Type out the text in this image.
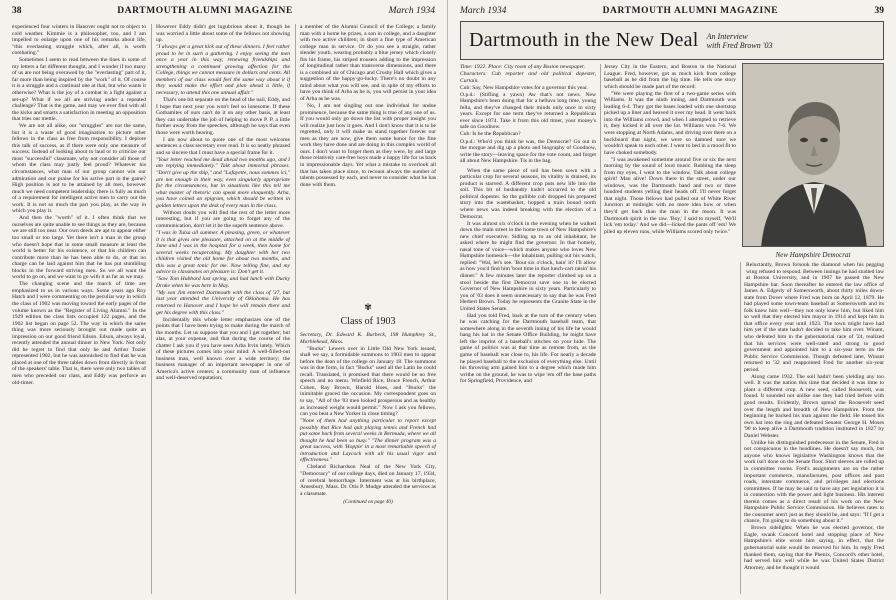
38	DARTMOUTH ALUMNI MAGAZINE	March 1934

experienced four winters in Hanover ought not to object to cold weather. Kimmie is a philosopher, too, and I am impelled to enlarge upon one of his remarks about life, "this everlasting struggle which, after all, is worth combating."

Sometimes I seem to read between the lines in some of my letters a far different thought, and I wonder if too many of us are not being overawed by the "everlasting" part of it, far more than being inspired by the "work" of it. Of course it is a struggle and a continual one at that, but who wants it otherwise? What is the joy of a combat in a fight against a set-up? What if we all are striving under a repeated challenge? That is the game, and may we ever find with all the kicks and smarts a satisfaction in meeting an opposition that tries our mettle.

We are not all alike, our "struggles" are not the same, but it is a waste of good imagination to picture other fellows in the class as free from responsibility. I deplore this talk of success, as if there were only one measure of success. Instead of looking about to laud or to criticize our most "successful" classmate, why not consider all those of whom the class may justly feel proud? Whatever his circumstances, what man of our group cannot win our admiration and our praise for his active part in the game? High position is not to be attained by all men, however much we need competent leadership; there is fully as much of a requirement for intelligent active men to carry out the work. It is not so much the part you play, as the way in which you play it.

And then the "worth" of it. I often think that we ourselves are quite unable to see things as they are, because we are still too near. Our own deeds are apt to appear either too small or too large. Yet there isn't a man in the group who doesn't hope that in some small measure at least the world is better for his existence, or that his children can contribute more than he has been able to do, or that no charge can be laid against him that he has put stumbling blocks in the forward striving men. So we all want the world to go on, and we want to go with it as far as we may.

The changing scene and the march of time are emphasized to us in various ways. Some years ago Roy Hatch and I were commenting on the peculiar way in which the class of 1902 was moving toward the early pages of the volume known as the "Register of Living Alumni." In the 1929 edition the class lists occupied 122 pages, and the 1902 list began on page 52. The way in which the same thing was more seriously brought out made quite an impression on our good friend Edson. Edson, always loyal, recently attended the annual dinner in New York. Not only did he regret to find that only he and Arthur Tozier represented 1902, but he was astonished to find that he was placed at one of the three tables down front directly in front of the speakers' table. That is, there were only two tables of men who preceded our class, and Eddy was perforce an old-timer.

However Eddy didn't get lugubrious about it, though he was worried a little about some of the fellows not showing up.

"I always get a great kick out of these dinners. I feel rather proud to be in such a gathering. I enjoy seeing the men once a year in this way, renewing friendships and strengthening a continued growing affection for the College, things we cannot measure in dollars and cents. All members of our class would feel the same way about it if they would make the effort and plan ahead a little, if necessary, to attend this one annual affair."

That's one bit separate on the head of the nail, Eddy, and I hope that next year you won't feel so lonesome. If these Gothamites of ours can't do it on any other basis, at least they can undertake the job of helping to move P. P. a little further away from the speeches, although he says that even those were worth hearing.

I am now about to quote one of the most welcome sentences a class secretary ever read. It is so neatly phrased and so sincere that I must have a special frame for it.

"Your letter reached me dead ahead two months ago, and I am replying immediately." Talk about immortal phrases. "Don't give up the ship," and "Lafayette, nous sommes ici," are not enough in their way, even singularly appropriate for the circumstances, but in situations like this tell me what master of rhetoric can speak more eloquently. Arba, you have coined an epigram, which should be written in golden letters upon the desk of every man in the class.

Without doubt you will find the rest of the letter more interesting, but if you are going to forget any of the communication, don't let it be the superb sentence above.

"I was in Tulsa all summer. A pleasing, green, or whatever it is that gives one pleasure, attached on at the middle of June and I was in the hospital for a week, then home for several weeks recuperating. My daughter with her two children visited the old home for about two months, and this was a great tonic for me. Now telling fine, and my advice to classmates on pleasure is: Don't get it.

"Saw Tom Hubbard last spring, and had lunch with Ducky Drake when he was here in May.

"My son Jim entered Dartmouth with the class of '37, but last year attended the University of Oklahoma. He has returned to Hanover and I hope he will remain there and get his degree with this class."

Incidentally this whole letter emphasizes one of the points that I have been trying to make during the march of the months. Let us suppose that you and I get together; but alas, at your expense, and that during the course of the chatter I ask you if you have seen Arba Irvin lately. Which of these pictures comes into your mind: A well-filled-out business man, well known over a wide territory; the business manager of an important newspaper in one of America's active centers; a community man of influence and well-deserved reputation;

a member of the Alumni Council of the College; a family man with a home he prizes, a son in college, and a daughter with two active children; in short a fine type of American college man in service. Or do you see a straight, rather slender youth, wearing probably a blue jersey which closely fits his frame, his striped trousers adding to the impression of longitudinal rather than transverse dimensions, and there is a combined air of Chicago and Crosby Hall which gives a suggestion of the happy-go-lucky. There's no doubt in any mind about what you will see, and in spite of my efforts to have you think of Arba as he is, you will persist in your idea of Arba as he was.

No, I am not singling out one individual for undue prominence, because the same thing is true of any one of us. If you would only go down the list with proper insight you will realize just how it goes. And I don't know that it is to be regretted, only it will make us stand together forever our men as they are now, give them some honor for the fine work they have done and are doing in this complex world of ours. I don't want to forget them as they were, by and large those relatively care-free boys made a happy life for us back in impressionable days. Yet what a mistake to overlook all that has taken place since, to recount always the number of talents possessed by each, and never to consider what he has done with them.

✾
Class of 1903

Secretary, Dr. Edward K. Burbeck, 198 Humphrey St., Marblehead, Mass.

"Bucks" Lewers over in Little Old New York issued, shall we say, a formidable summons to 1903 men to appear before the dean of the college on January 18. The summons was in due form, in fact "Bucks" used all the Latin he could recall. Translated, it promised that there would be no free speech and no menu. Winfield Rice, Bruce French, Arthur Cohen, Ray Brown, Harold Hoes, and "Bucks" the inimitable graced the occasion. My correspondent goes on to say, "All of the '03 men looked prosperous and as healthy as increased weight would permit." Now I ask you fellows, can you beat a New Yorker in close timing?

"None of them had anything particular to report except possibly that Rice had quit playing tennis and French had put some back from several weeks in Bermuda, where we all thought he had been so busy." "The dinner program was a great success, with 'Hoppie' in a most remarkable speech of introduction and Laycock with all his usual vigor and effectiveness."

Cheland Richardson Neal of the New York City, "Democracy" of our college days, died on January 17, 1934, of cerebral hemorrhage. Interment was at his birthplace, Amesbury, Mass. Dr. Otis P. Mudge attended the services as a classmate.

(Continued on page 40)

March 1934	DARTMOUTH ALUMNI MAGAZINE	39
Dartmouth in the New Deal An Interview
with Fred Brown '03

Time: 1922. Place: City room of any Boston newspaper.

Characters: Cub reporter and old political dopester, Curtain.

Cub: Say, New Hampshire votes for a governor this year.

O.p.d.: (Stifling a yawn) Aw that's not news. New Hampshire's been doing that for a helluva long time, young fella, and they've changed their minds only once in sixty years. Except for one term they've returned a Republican ever since 1874. Take it from this old timer, your money's safe on Goodnow.

Cub: Is he the Republican?

O.p.d.: Who'd you think he was, the Democrat? Go out in the morgue and dig up a photo and biography of Goodnow, write the story—leaving space for the vote count, and forget all about New Hampshire. Tis in the bag.

When the same piece of soil has been sown with a particular crop for several seasons, its vitality is drained, its product is starved. A different crop puts new life into the soil. This bit of husbandry hadn't occurred to the old political dopester. So the gullible cub dropped his prepared story into the wastebasket, hopped a train bound north where news was indeed breaking with the election of a Democrat.

It was almost six o'clock in the evening when he walked down the main street in the home town of New Hampshire's new chief executive. Sidling up to an old inhabitant, he asked where he might find the governor. In that homely, nasal tone of voice—which makes anyone who loves New Hampshire homesick—the inhabitant, pulling out his watch, replied: "Wal, let's see. 'Bout six o'clock, hain' it? I'll allow as how you'd find him 'bout time in that lunch-cart raisin' his dinner." A few minutes later the reporter climbed up on a stool beside the first Democrat save one to be elected Governor of New Hampshire in sixty years. Particularly to you of '03 does it seem unnecessary to say that he was Fred Herbert Brown. Today he represents the Granite State in the United States Senate.

Had you told Fred, back at the turn of the century when he was catching for the Dartmouth baseball team, that somewhere along in the seventh inning of his life he would hang his hat in the Senate Office Building, he might have left the imprint of a baseball's stitches on your hide. The game of politics was at that time as remote from, as the game of baseball was close to, his life. For nearly a decade he played baseball to the exclusion of everything else. Until his throwing arm gained him to a degree which made him writhe on the ground, he was to wipe 'em off the base paths for Springfield, Providence, and

Jersey City in the Eastern, and Boston in the National League. Fred, however, got as much kick from college baseball as he did from the big time. He tells one story which should be made part of the record:

"We were playing the first of a two-game series with Williams. It was the ninth inning, and Dartmouth was leading 6-4. They got the bases loaded with one shortstop picked up a liner and heaved it over my head. It went back into the Williams crowd, and when I attempted to retrieve it, they kicked it all over the lot. Williams won 7-6. We were stopping at North Adams, and driving over there on a buckboard that night, we were so damned sore we wouldn't speak to each other. I went to bed in a mood fit to have choked somebody.

"I was awakened sometime around five or six the next morning by the sound of loud music. Rubbing the sleep from my eyes, I went to the window. Talk about college spirit! Man alive! Down there in the street, under our windows, was the Dartmouth band and two or three hundred students yelling their heads off. I'll never forget that night. Those fellows had pulled out of White River Junction at midnight with no more idea how or when they'd get back than the man in the moon. It was Dartmouth spirit in the raw. 'Boy,' I said to myself, 'We'll lick 'em today.' And we did—licked the pants off 'em! We piled up eleven runs, while Williams scored only twice."

New Hampshire Democrat

Reluctantly, Brown forsook the diamond when his pegging wing refused to respond. Between innings he had studied law at Boston University, and in 1907 he passed the New Hampshire bar. Soon thereafter he entered the law office of James A. Edgerly of Somersworth, about thirty miles down-state from Dover where Fred was born on April 12, 1879. He had played some town-team baseball at Somersworth and its folk knew him well—they not only knew him, but liked him so well that they elected him mayor in 1914 and kept him in that office every year until 1923. The town might have had him yet if the state hadn't decided to take him over. Winant, who defeated him in the gubernatorial race of '24, realized that his services were well-rated and strong to good government and appointed him to a six-year term on the Public Service Commission. Though defeated later, Winant returned to '32 and reappointed Fred for another six-year period.

Along came 1932. The soil hadn't been yielding any too well. It was the nation this time that decided it was time to plant a different crop. A new seed, called Roosevelt, was found. It sounded not unlike one they had tried before with good results. Evidently, Brown spread the Roosevelt seed over the length and breadth of New Hampshire. From the beginning he backed his man against the field. He tossed his own hat into the ring and defeated Senator George H. Moses '90 to keep alive a Dartmouth tradition instituted in 1827 by Daniel Webster.

Unlike his distinguished predecessor in the Senate, Fred is not conspicuous in the headlines. He doesn't say much, but anyone who knows legislative Washington knows that the work isn't done on the Senate floor. Shirt sleeves are rolled up in committee rooms. Fred's assignments are on the rather important commerce, manufactures, post offices and post roads, interstate commerce, and privileges and elections committees. If he may be said to have any pet legislation it is in connection with the power and light business. His interest therein comes as a direct result of his work on the New Hampshire Public Service Commission. He believes rates to the consumer aren't just as they should be, and says: "If I get a chance, I'm going to do something about it."

Brown sidelights: When he was elected governor, the Eagle, swank Concord hotel and stopping place of New Hampshire's elite wrote him saying, in effect, that the gubernatorial suite would be reserved for him. In reply Fred thanked them, saying that the Phenix, Concord's other hotel, had served him well while he was United States District Attorney, and he thought it would
